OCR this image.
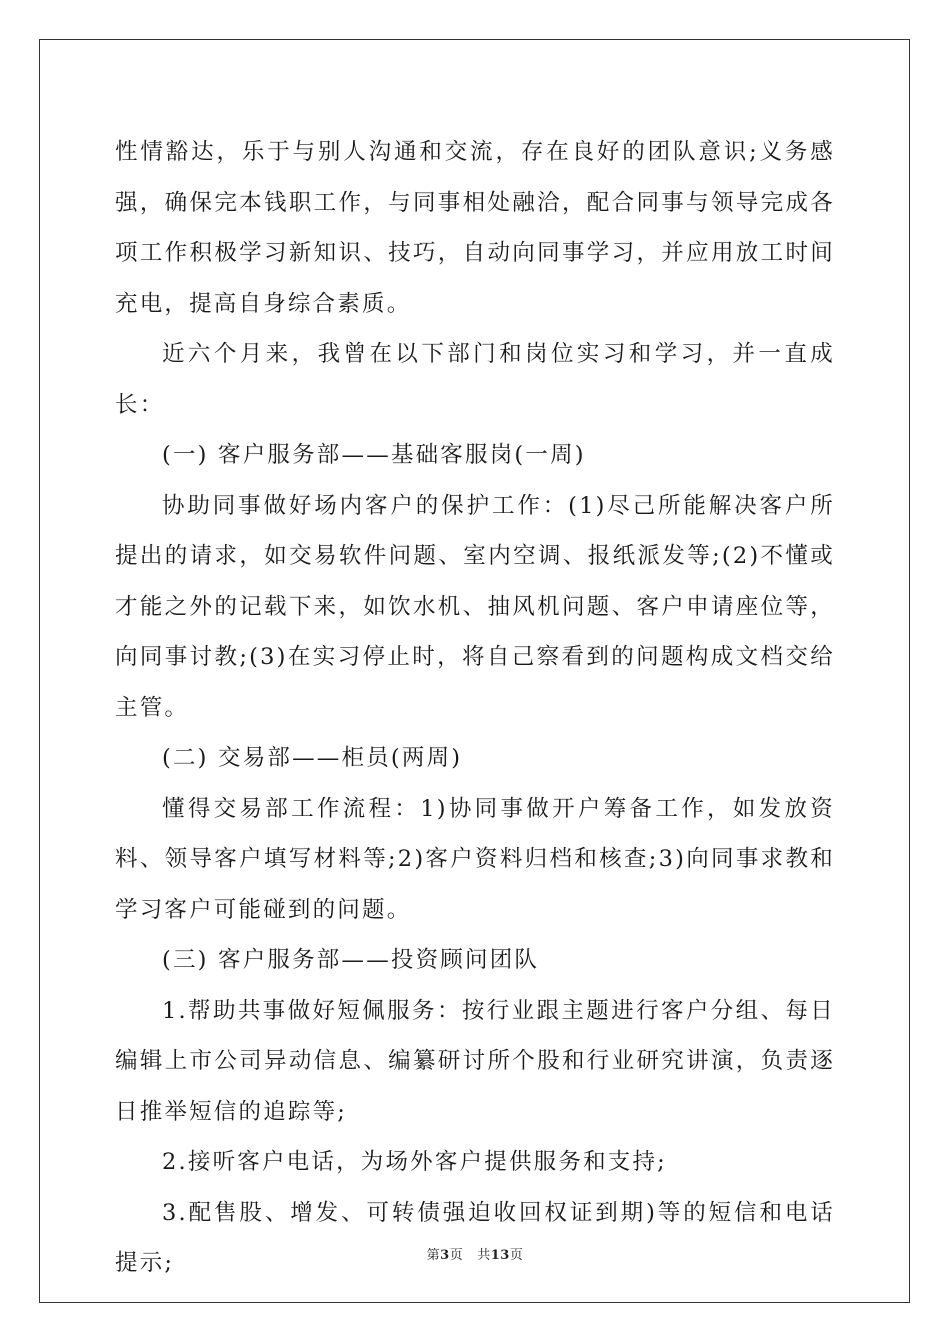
性情豁达，乐于与别人沟通和交流，存在良好的团队意识;义务感强，确保完本钱职工作，与同事相处融洽，配合同事与领导完成各项工作积极学习新知识、技巧，自动向同事学习，并应用放工时间充电，提高自身综合素质。

近六个月来，我曾在以下部门和岗位实习和学习，并一直成长：

(一) 客户服务部——基础客服岗(一周)

协助同事做好场内客户的保护工作：(1)尽己所能解决客户所提出的请求，如交易软件问题、室内空调、报纸派发等;(2)不懂或才能之外的记载下来，如饮水机、抽风机问题、客户申请座位等，向同事讨教;(3)在实习停止时，将自己察看到的问题构成文档交给主管。

(二) 交易部——柜员(两周)

懂得交易部工作流程：1)协同事做开户筹备工作，如发放资料、领导客户填写材料等;2)客户资料归档和核查;3)向同事求教和学习客户可能碰到的问题。

(三) 客户服务部——投资顾问团队

1.帮助共事做好短佩服务：按行业跟主题进行客户分组、每日编辑上市公司异动信息、编纂研讨所个股和行业研究讲演，负责逐日推举短信的追踪等;

2.接听客户电话，为场外客户提供服务和支持;

3.配售股、增发、可转债强迫收回权证到期)等的短信和电话提示;	第3页 共13页
